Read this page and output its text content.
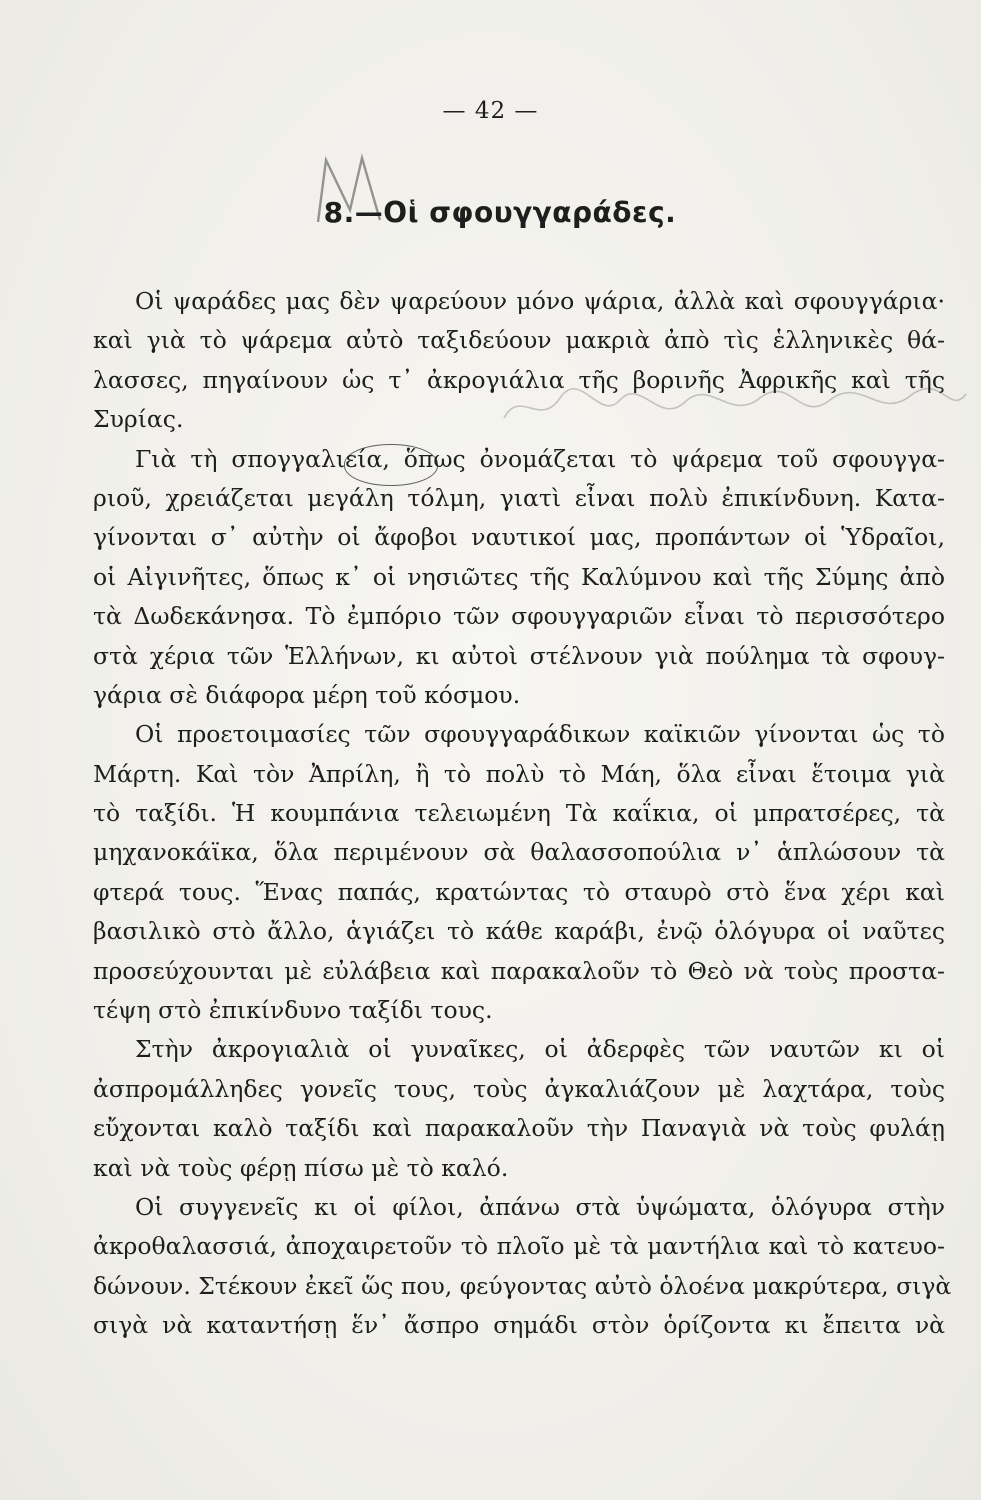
— 42 —
8.—Οἱ σφουγγαράδες.
Οἱ ψαράδες μας δὲν ψαρεύουν μόνο ψάρια, ἀλλὰ καὶ σφουγγάρια·
καὶ γιὰ τὸ ψάρεμα αὐτὸ ταξιδεύουν μακριὰ ἀπὸ τὶς ἑλληνικὲς θά-
λασσες, πηγαίνουν ὡς τ᾽ ἀκρογιάλια τῆς βορινῆς Ἀφρικῆς καὶ τῆς
Συρίας.
Γιὰ τὴ σπογγαλιεία, ὅπως ὀνομάζεται τὸ ψάρεμα τοῦ σφουγγα-
ριοῦ, χρειάζεται μεγάλη τόλμη, γιατὶ εἶναι πολὺ ἐπικίνδυνη. Κατα-
γίνονται σ᾽ αὐτὴν οἱ ἄφοβοι ναυτικοί μας, προπάντων οἱ Ὑδραῖοι,
οἱ Αἰγινῆτες, ὅπως κ᾽ οἱ νησιῶτες τῆς Καλύμνου καὶ τῆς Σύμης ἀπὸ
τὰ Δωδεκάνησα. Τὸ ἐμπόριο τῶν σφουγγαριῶν εἶναι τὸ περισσότερο
στὰ χέρια τῶν Ἑλλήνων, κι αὐτοὶ στέλνουν γιὰ πούλημα τὰ σφουγ-
γάρια σὲ διάφορα μέρη τοῦ κόσμου.
Οἱ προετοιμασίες τῶν σφουγγαράδικων καϊκιῶν γίνονται ὡς τὸ
Μάρτη. Καὶ τὸν Ἀπρίλη, ἢ τὸ πολὺ τὸ Μάη, ὅλα εἶναι ἕτοιμα γιὰ
τὸ ταξίδι. Ἡ κουμπάνια τελειωμένη Τὰ καΐκια, οἱ μπρατσέρες, τὰ
μηχανοκάϊκα, ὅλα περιμένουν σὰ θαλασσοπούλια ν᾽ ἁπλώσουν τὰ
φτερά τους. Ἕνας παπάς, κρατώντας τὸ σταυρὸ στὸ ἕνα χέρι καὶ
βασιλικὸ στὸ ἄλλο, ἁγιάζει τὸ κάθε καράβι, ἐνῷ ὁλόγυρα οἱ ναῦτες
προσεύχουνται μὲ εὐλάβεια καὶ παρακαλοῦν τὸ Θεὸ νὰ τοὺς προστα-
τέψη στὸ ἐπικίνδυνο ταξίδι τους.
Στὴν ἀκρογιαλιὰ οἱ γυναῖκες, οἱ ἀδερφὲς τῶν ναυτῶν κι οἱ
ἀσπρομάλληδες γονεῖς τους, τοὺς ἀγκαλιάζουν μὲ λαχτάρα, τοὺς
εὔχονται καλὸ ταξίδι καὶ παρακαλοῦν τὴν Παναγιὰ νὰ τοὺς φυλάῃ
καὶ νὰ τοὺς φέρῃ πίσω μὲ τὸ καλό.
Οἱ συγγενεῖς κι οἱ φίλοι, ἀπάνω στὰ ὑψώματα, ὁλόγυρα στὴν
ἀκροθαλασσιά, ἀποχαιρετοῦν τὸ πλοῖο μὲ τὰ μαντήλια καὶ τὸ κατευο-
δώνουν. Στέκουν ἐκεῖ ὥς που, φεύγοντας αὐτὸ ὁλοένα μακρύτερα, σιγὰ
σιγὰ νὰ καταντήσῃ ἕν᾽ ἄσπρο σημάδι στὸν ὁρίζοντα κι ἔπειτα νὰ
